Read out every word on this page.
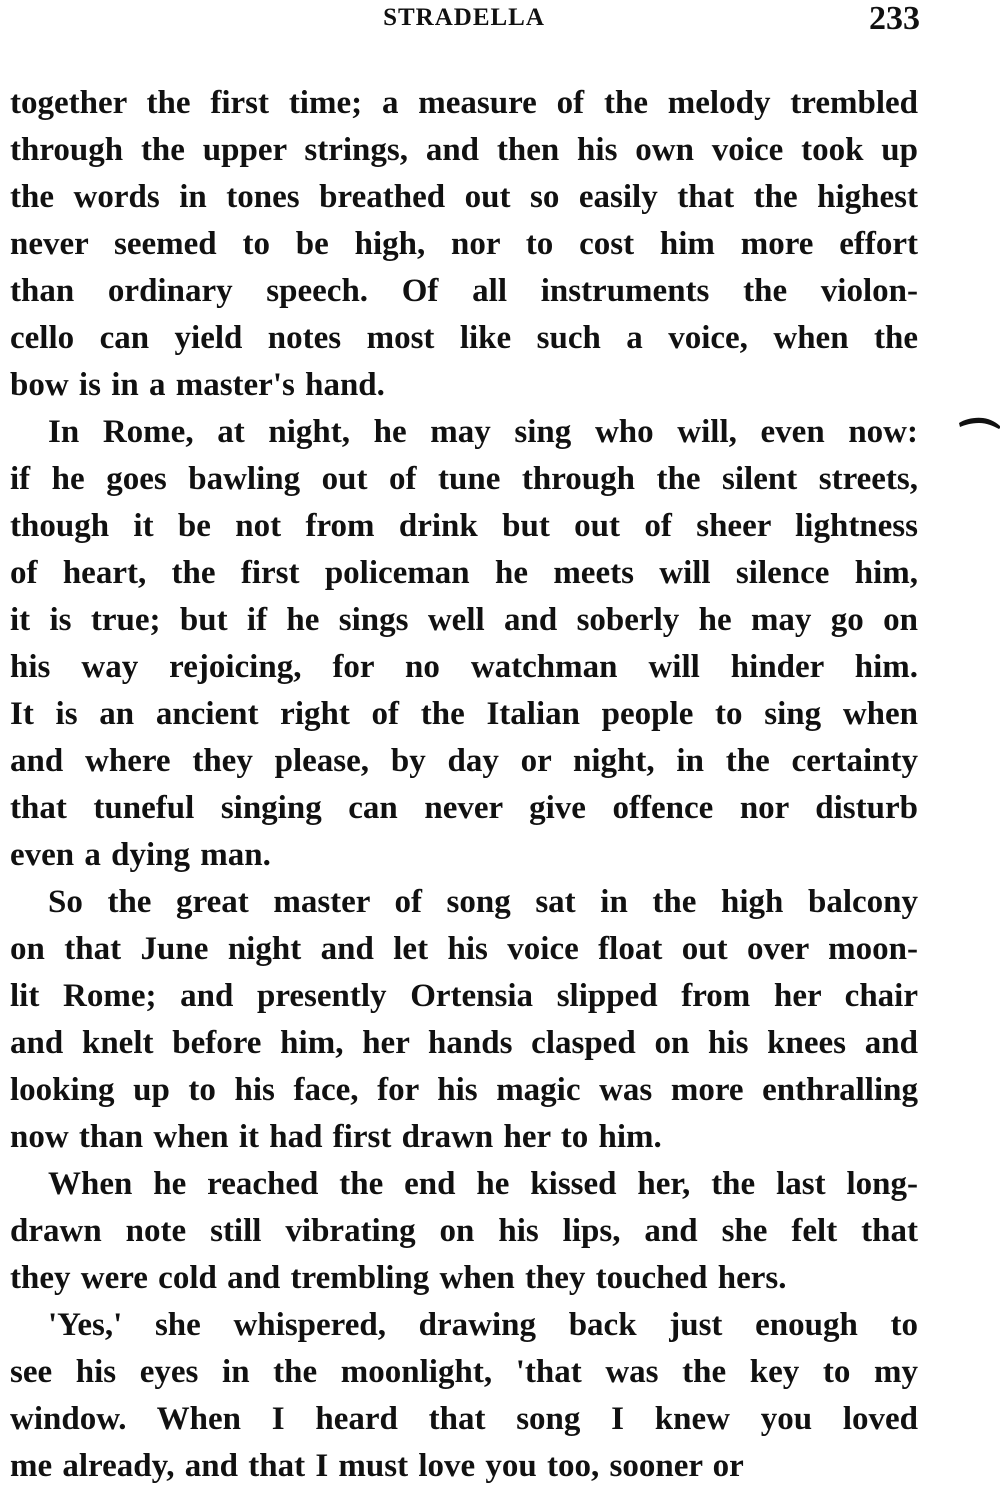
STRADELLA	233

together the first time; a measure of the melody trembled
through the upper strings, and then his own voice took up
the words in tones breathed out so easily that the highest
never seemed to be high, nor to cost him more effort
than ordinary speech. Of all instruments the violon-
cello can yield notes most like such a voice, when the
bow is in a master's hand.

In Rome, at night, he may sing who will, even now:
if he goes bawling out of tune through the silent streets,
though it be not from drink but out of sheer lightness
of heart, the first policeman he meets will silence him,
it is true; but if he sings well and soberly he may go on
his way rejoicing, for no watchman will hinder him.
It is an ancient right of the Italian people to sing when
and where they please, by day or night, in the certainty
that tuneful singing can never give offence nor disturb
even a dying man.

So the great master of song sat in the high balcony
on that June night and let his voice float out over moon-
lit Rome; and presently Ortensia slipped from her chair
and knelt before him, her hands clasped on his knees and
looking up to his face, for his magic was more enthralling
now than when it had first drawn her to him.

When he reached the end he kissed her, the last long-
drawn note still vibrating on his lips, and she felt that
they were cold and trembling when they touched hers.

'Yes,' she whispered, drawing back just enough to
see his eyes in the moonlight, 'that was the key to my
window. When I heard that song I knew you loved
me already, and that I must love you too, sooner or
